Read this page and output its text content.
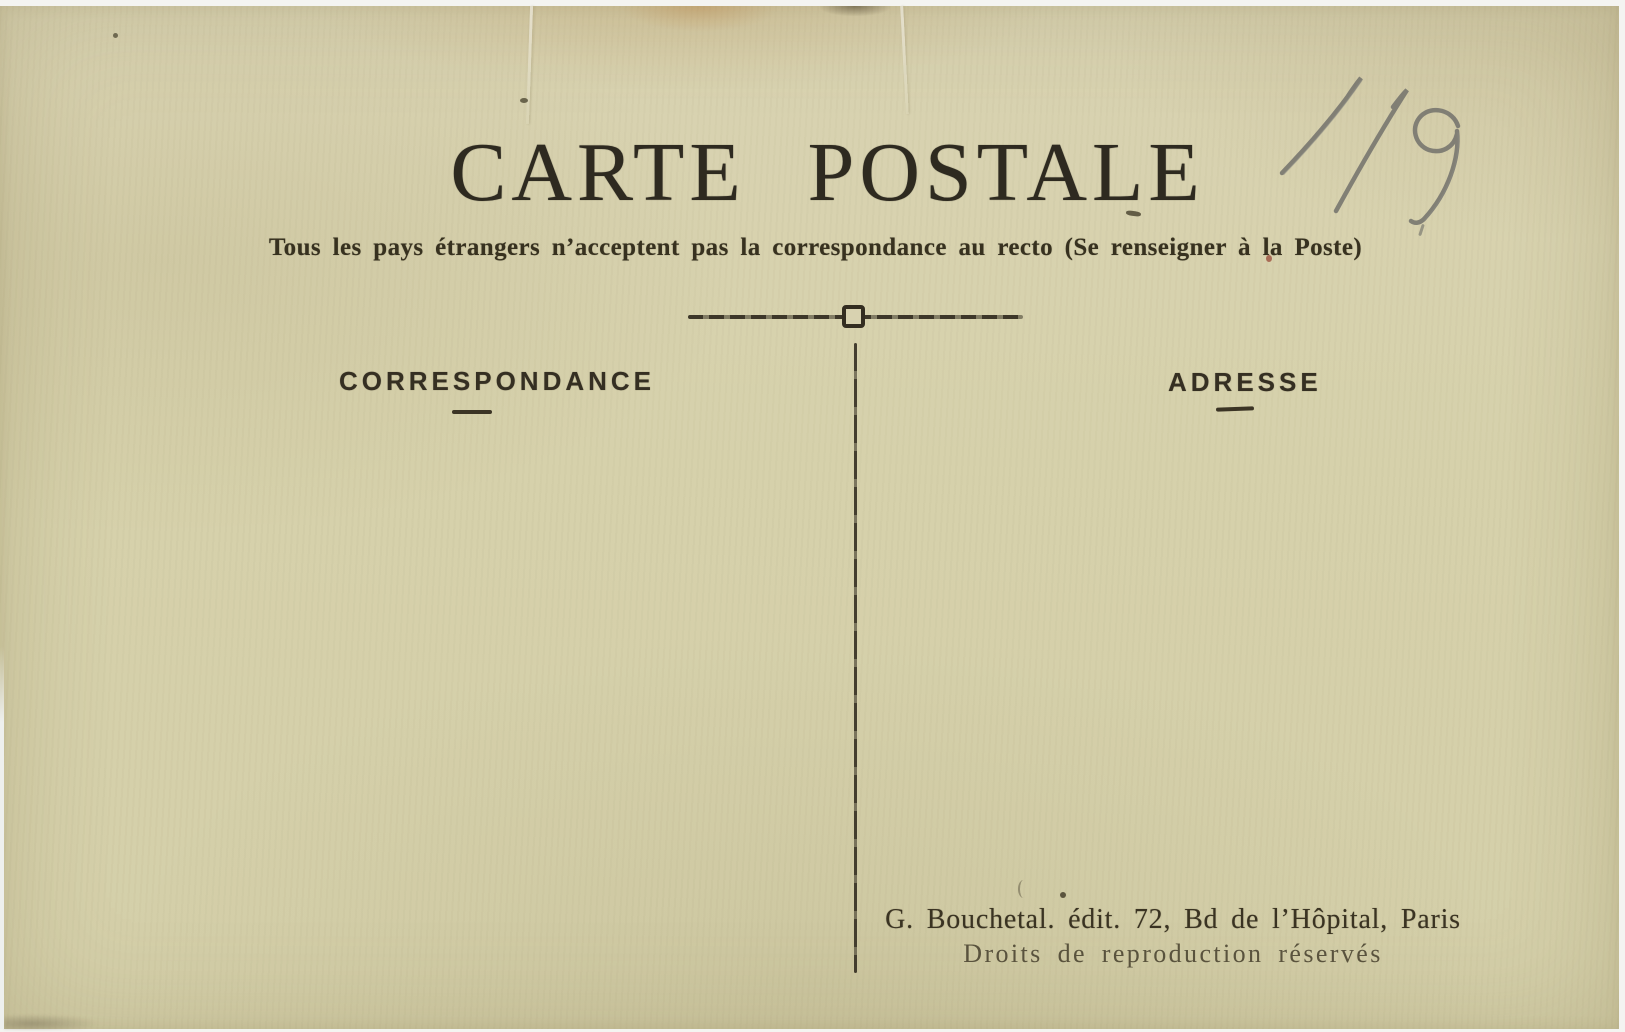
CARTE POSTALE
Tous les pays étrangers n’acceptent pas la correspondance au recto (Se renseigner à la Poste)
CORRESPONDANCE	ADRESSE
G. Bouchetal. édit. 72, Bd de l’Hôpital, Paris
Droits de reproduction réservés
